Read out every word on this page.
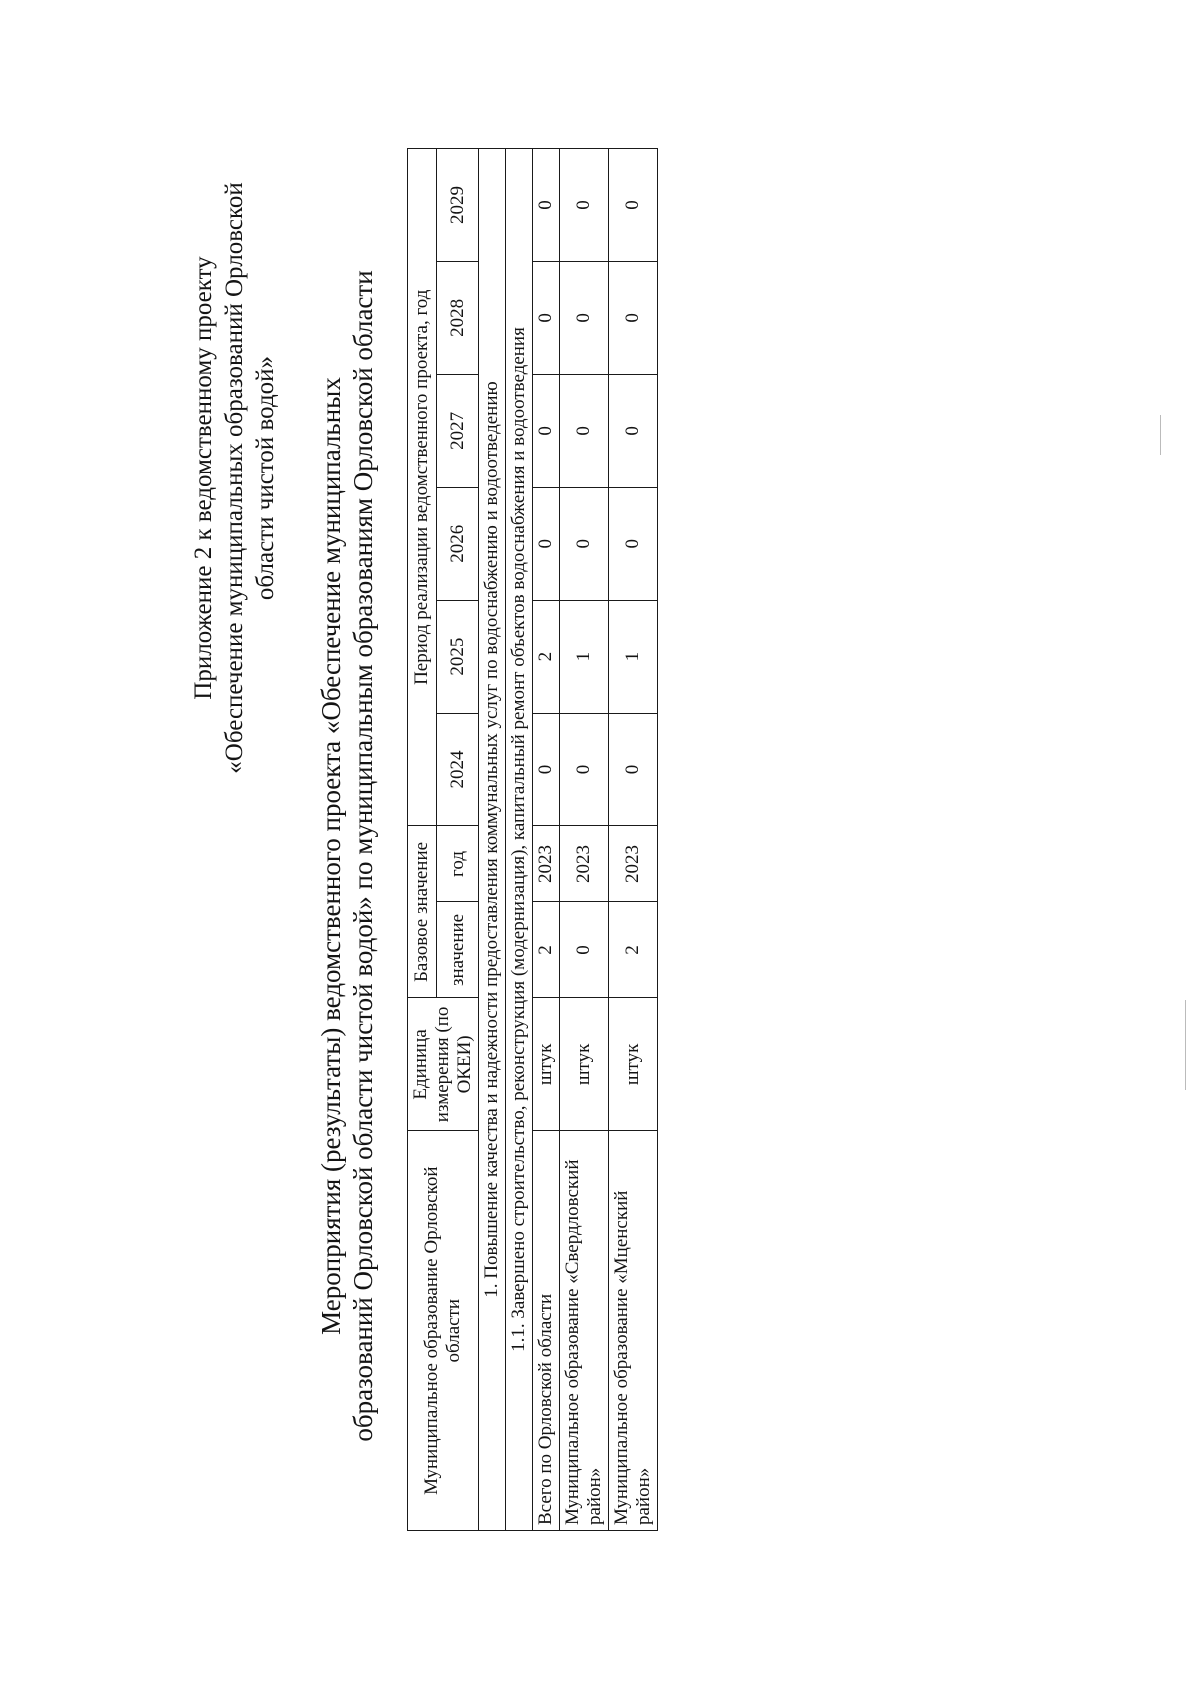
Приложение 2 к ведомственному проекту «Обеспечение муниципальных образований Орловской области чистой водой» Мероприятия (результаты) ведомственного проекта «Обеспечение муниципальных образований Орловской области чистой водой» по муниципальным образованиям Орловской области Муниципальное образование Орловской области	Единица измерения (по ОКЕИ)	Базовое значение		Период реализации ведомственного проекта, год					
		значение	год	2024	2025	2026	2027	2028	2029
1. Повышение качества и надежности предоставления коммунальных услуг по водоснабжению и водоотведению									
1.1. Завершено строительство, реконструкция (модернизация), капитальный ремонт объектов водоснабжения и водоотведения									
Всего по Орловской области	штук	2	2023	0	2	0	0	0	0
Муниципальное образование «Свердловский район»	штук	0	2023	0	1	0	0	0	0
Муниципальное образование «Мценский район»	штук	2	2023	0	1	0	0	0	0
